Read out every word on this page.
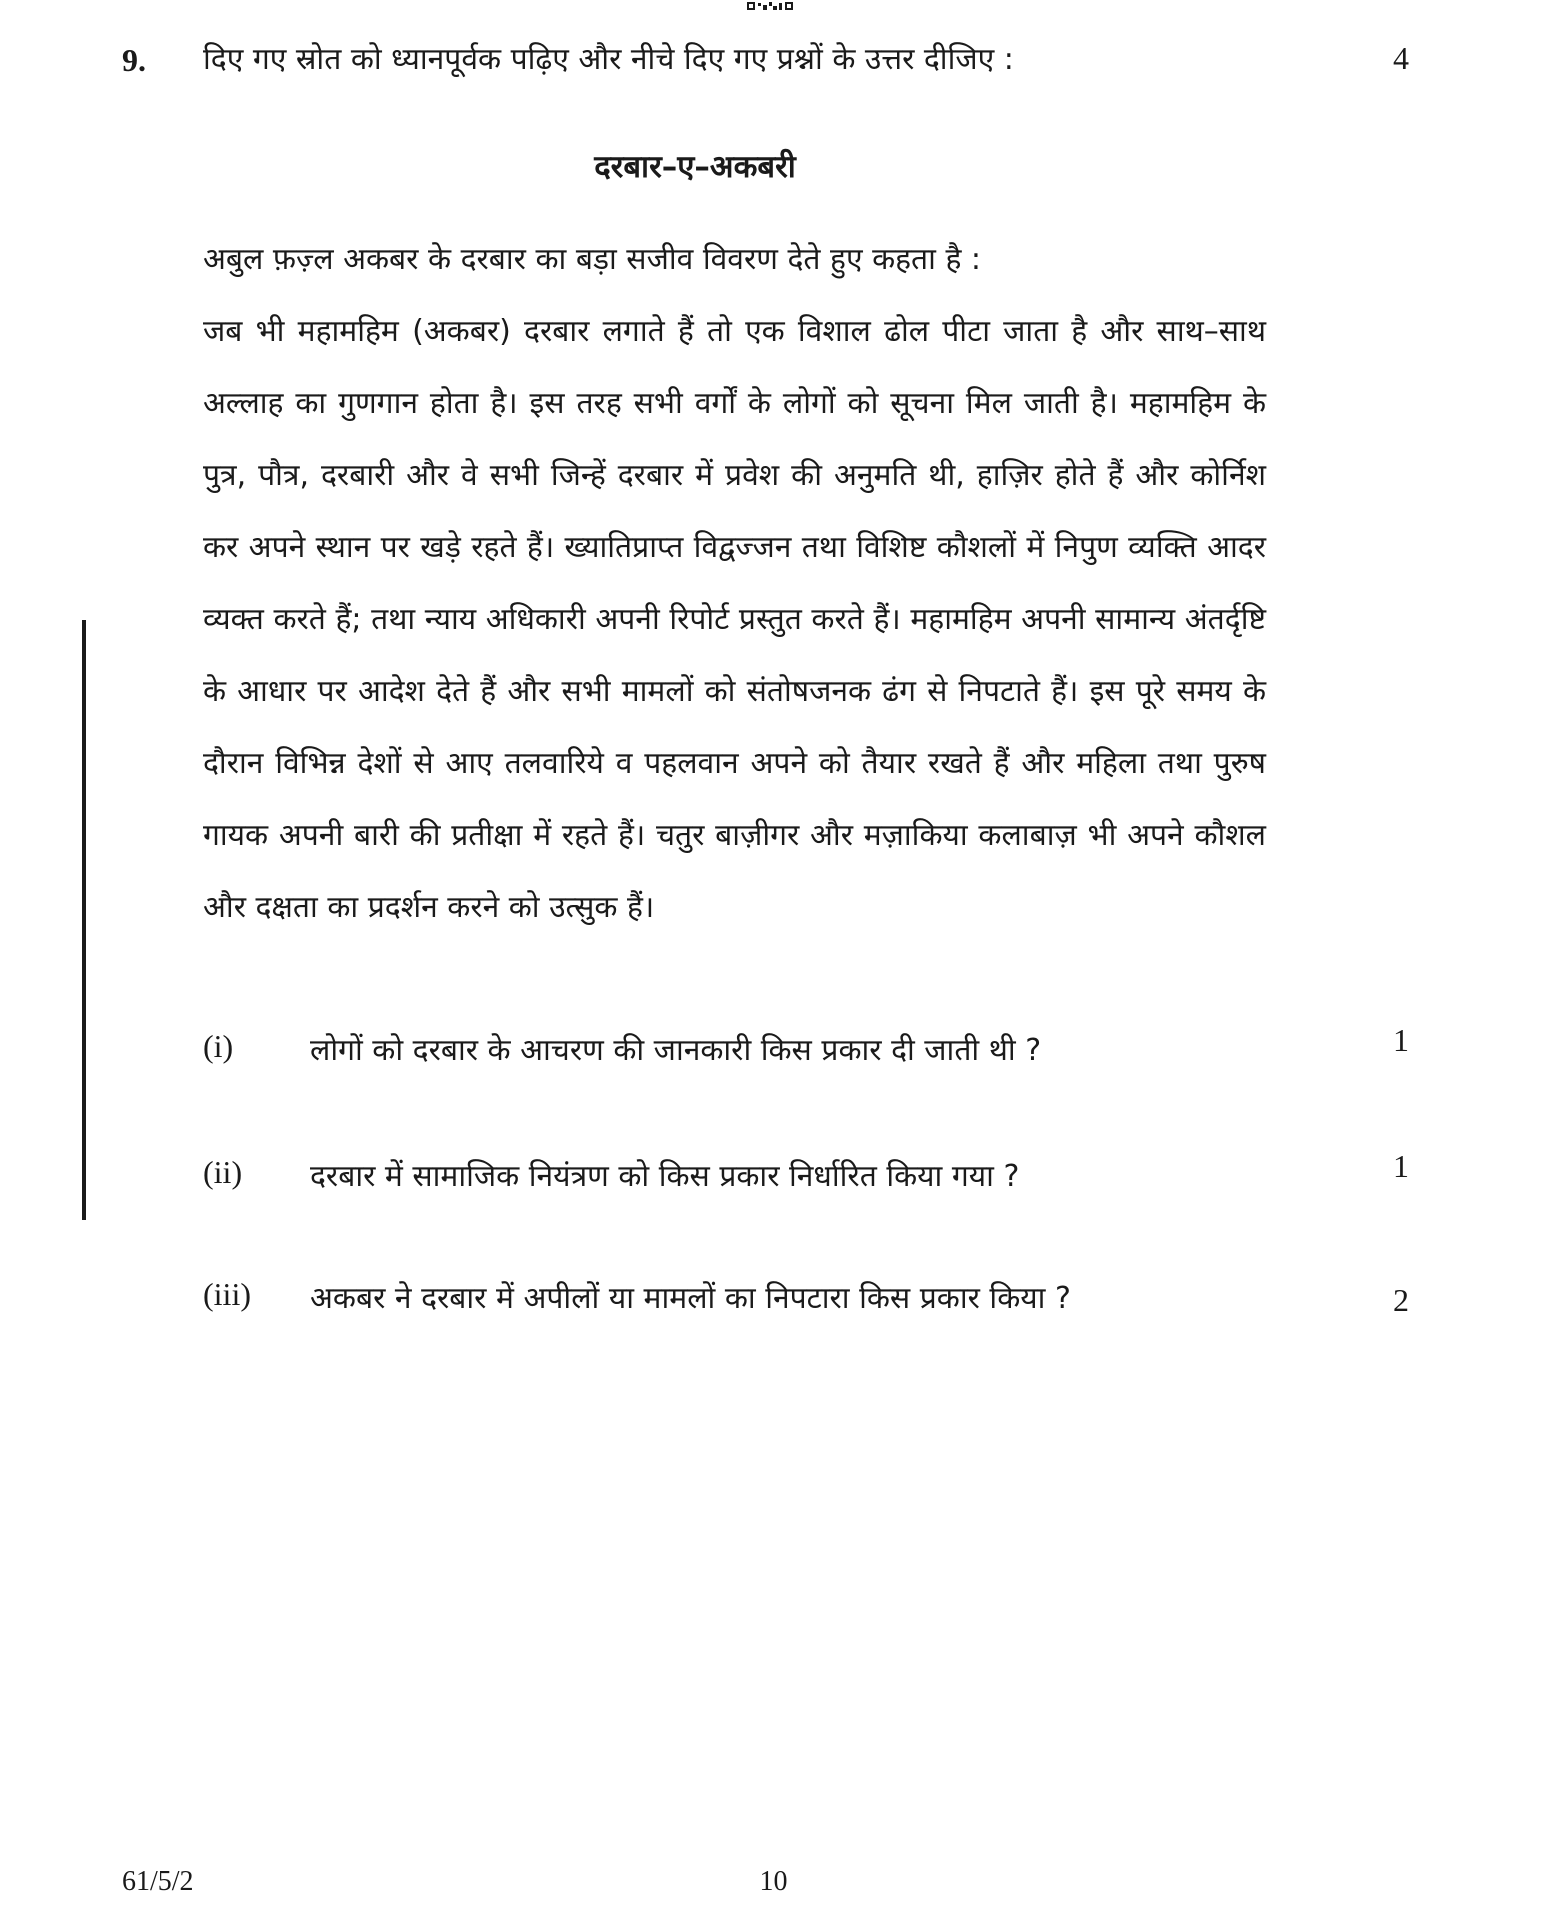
9. दिए गए स्रोत को ध्यानपूर्वक पढ़िए और नीचे दिए गए प्रश्नों के उत्तर दीजिए :	4
दरबार–ए–अकबरी
अबुल फ़ज़्ल अकबर के दरबार का बड़ा सजीव विवरण देते हुए कहता है :
जब भी महामहिम (अकबर) दरबार लगाते हैं तो एक विशाल ढोल पीटा जाता है और साथ–साथ अल्लाह का गुणगान होता है। इस तरह सभी वर्गों के लोगों को सूचना मिल जाती है। महामहिम के पुत्र, पौत्र, दरबारी और वे सभी जिन्हें दरबार में प्रवेश की अनुमति थी, हाज़िर होते हैं और कोर्निश कर अपने स्थान पर खड़े रहते हैं। ख्यातिप्राप्त विद्वज्जन तथा विशिष्ट कौशलों में निपुण व्यक्ति आदर व्यक्त करते हैं; तथा न्याय अधिकारी अपनी रिपोर्ट प्रस्तुत करते हैं। महामहिम अपनी सामान्य अंतर्दृष्टि के आधार पर आदेश देते हैं और सभी मामलों को संतोषजनक ढंग से निपटाते हैं। इस पूरे समय के दौरान विभिन्न देशों से आए तलवारिये व पहलवान अपने को तैयार रखते हैं और महिला तथा पुरुष गायक अपनी बारी की प्रतीक्षा में रहते हैं। चतुर बाज़ीगर और मज़ाकिया कलाबाज़ भी अपने कौशल और दक्षता का प्रदर्शन करने को उत्सुक हैं।
(i)	लोगों को दरबार के आचरण की जानकारी किस प्रकार दी जाती थी ?	1
(ii) दरबार में सामाजिक नियंत्रण को किस प्रकार निर्धारित किया गया ?	1
(iii) अकबर ने दरबार में अपीलों या मामलों का निपटारा किस प्रकार किया ?	2
61/5/2	10
